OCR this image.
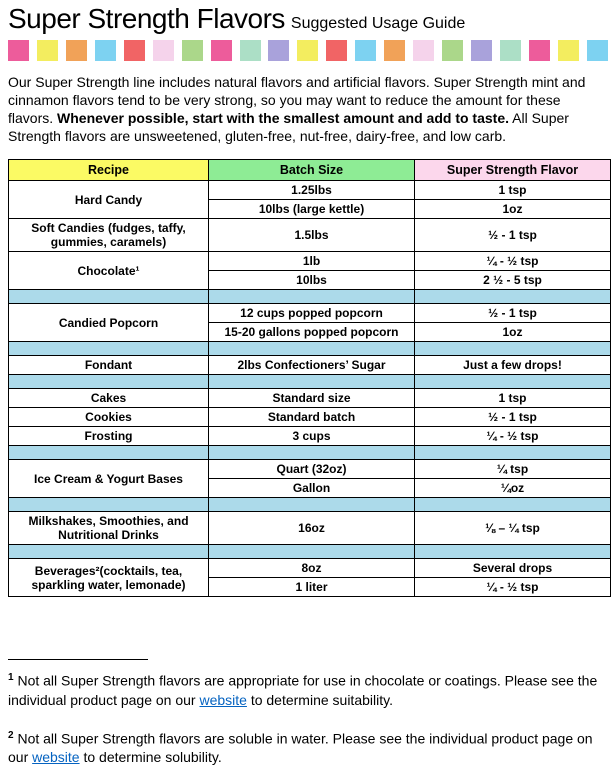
Super Strength Flavors Suggested Usage Guide

Our Super Strength line includes natural flavors and artificial flavors. Super Strength mint and cinnamon flavors tend to be very strong, so you may want to reduce the amount for these flavors. Whenever possible, start with the smallest amount and add to taste. All Super Strength flavors are unsweetened, gluten-free, nut-free, dairy-free, and low carb.

Recipe	Batch Size	Super Strength Flavor
Hard Candy	1.25lbs	1 tsp
	10lbs (large kettle)	1oz
Soft Candies (fudges, taffy, gummies, caramels)	1.5lbs	½ - 1 tsp
Chocolate¹	1lb	¼ - ½ tsp
	10lbs	2 ½ - 5 tsp

Candied Popcorn	12 cups popped popcorn	½ - 1 tsp
	15-20 gallons popped popcorn	1oz

Fondant	2lbs Confectioners’ Sugar	Just a few drops!

Cakes	Standard size	1 tsp
Cookies	Standard batch	½ - 1 tsp
Frosting	3 cups	¼ - ½ tsp

Ice Cream & Yogurt Bases	Quart (32oz)	¼ tsp
	Gallon	¼oz

Milkshakes, Smoothies, and Nutritional Drinks	16oz	⅛ – ¼ tsp

Beverages²(cocktails, tea, sparkling water, lemonade)	8oz	Several drops
	1 liter	¼ - ½ tsp

$^1$ Not all Super Strength flavors are appropriate for use in chocolate or coatings. Please see the individual product page on our website to determine suitability.

$^2$ Not all Super Strength flavors are soluble in water. Please see the individual product page on our website to determine solubility.
